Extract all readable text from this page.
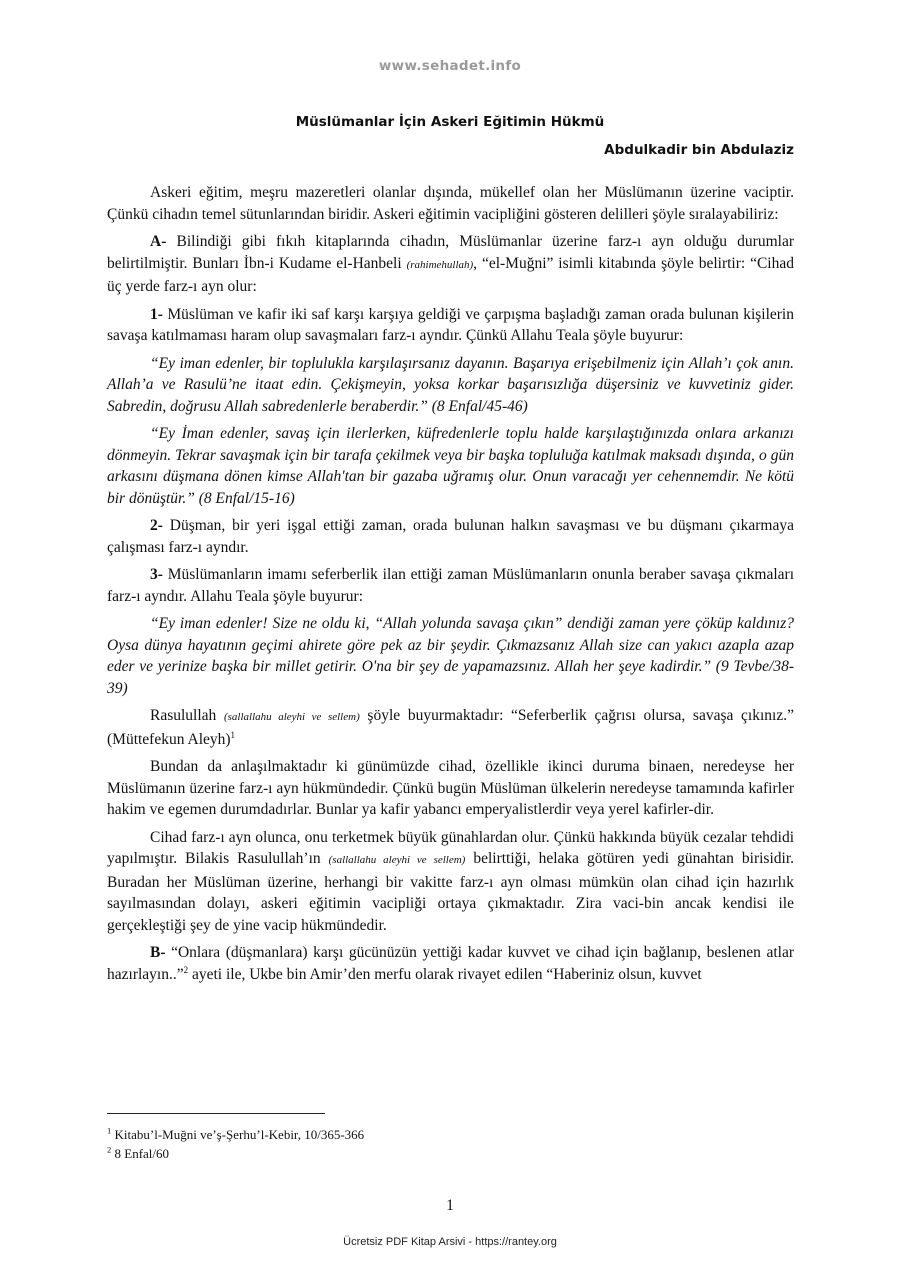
www.sehadet.info
Müslümanlar İçin Askeri Eğitimin Hükmü
Abdulkadir bin Abdulaziz

Askeri eğitim, meşru mazeretleri olanlar dışında, mükellef olan her Müslümanın üzerine vaciptir. Çünkü cihadın temel sütunlarından biridir. Askeri eğitimin vacipliğini gösteren delilleri şöyle sıralayabiliriz:

A- Bilindiği gibi fıkıh kitaplarında cihadın, Müslümanlar üzerine farz-ı ayn olduğu durumlar belirtilmiştir. Bunları İbn-i Kudame el-Hanbeli (rahimehullah), “el-Muğni” isimli kitabında şöyle belirtir: “Cihad üç yerde farz-ı ayn olur:

1- Müslüman ve kafir iki saf karşı karşıya geldiği ve çarpışma başladığı zaman orada bulunan kişilerin savaşa katılmaması haram olup savaşmaları farz-ı ayndır. Çünkü Allahu Teala şöyle buyurur:

“Ey iman edenler, bir toplulukla karşılaşırsanız dayanın. Başarıya erişebilmeniz için Allah’ı çok anın. Allah’a ve Rasulü’ne itaat edin. Çekişmeyin, yoksa korkar başarısızlığa düşersiniz ve kuvvetiniz gider. Sabredin, doğrusu Allah sabredenlerle beraberdir.” (8 Enfal/45-46)

“Ey İman edenler, savaş için ilerlerken, küfredenlerle toplu halde karşılaştığınızda onlara arkanızı dönmeyin. Tekrar savaşmak için bir tarafa çekilmek veya bir başka topluluğa katılmak maksadı dışında, o gün arkasını düşmana dönen kimse Allah'tan bir gazaba uğramış olur. Onun varacağı yer cehennemdir. Ne kötü bir dönüştür.” (8 Enfal/15-16)

2- Düşman, bir yeri işgal ettiği zaman, orada bulunan halkın savaşması ve bu düşmanı çıkarmaya çalışması farz-ı ayndır.

3- Müslümanların imamı seferberlik ilan ettiği zaman Müslümanların onunla beraber savaşa çıkmaları farz-ı ayndır. Allahu Teala şöyle buyurur:

“Ey iman edenler! Size ne oldu ki, “Allah yolunda savaşa çıkın” dendiği zaman yere çöküp kaldınız? Oysa dünya hayatının geçimi ahirete göre pek az bir şeydir. Çıkmazsanız Allah size can yakıcı azapla azap eder ve yerinize başka bir millet getirir. O'na bir şey de yapamazsınız. Allah her şeye kadirdir.” (9 Tevbe/38-39)

Rasulullah (sallallahu aleyhi ve sellem) şöyle buyurmaktadır: “Seferberlik çağrısı olursa, savaşa çıkınız.” (Müttefekun Aleyh)$^1$

Bundan da anlaşılmaktadır ki günümüzde cihad, özellikle ikinci duruma binaen, neredeyse her Müslümanın üzerine farz-ı ayn hükmündedir. Çünkü bugün Müslüman ülkelerin neredeyse tamamında kafirler hakim ve egemen durumdadırlar. Bunlar ya kafir yabancı emperyalistlerdir veya yerel kafirler-dir.

Cihad farz-ı ayn olunca, onu terketmek büyük günahlardan olur. Çünkü hakkında büyük cezalar tehdidi yapılmıştır. Bilakis Rasulullah’ın (sallallahu aleyhi ve sellem) belirttiği, helaka götüren yedi günahtan birisidir. Buradan her Müslüman üzerine, herhangi bir vakitte farz-ı ayn olması mümkün olan cihad için hazırlık sayılmasından dolayı, askeri eğitimin vacipliği ortaya çıkmaktadır. Zira vaci-bin ancak kendisi ile gerçekleştiği şey de yine vacip hükmündedir.

B- “Onlara (düşmanlara) karşı gücünüzün yettiği kadar kuvvet ve cihad için bağlanıp, beslenen atlar hazırlayın..”$^2$ ayeti ile, Ukbe bin Amir’den merfu olarak rivayet edilen “Haberiniz olsun, kuvvet

$^1$ Kitabu’l-Muğni ve’ş-Şerhu’l-Kebir, 10/365-366
$^2$ 8 Enfal/60
1
Ücretsiz PDF Kitap Arsivi - https://rantey.org
